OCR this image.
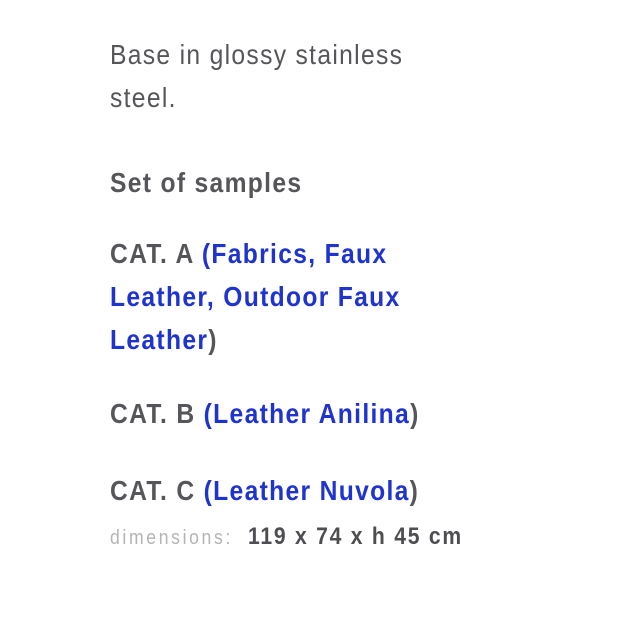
Base in glossy stainless
steel.

Set of samples

CAT. A (Fabrics, Faux
Leather, Outdoor Faux
Leather)

CAT. B (Leather Anilina)

CAT. C (Leather Nuvola)

dimensions: 119 x 74 x h 45 cm
